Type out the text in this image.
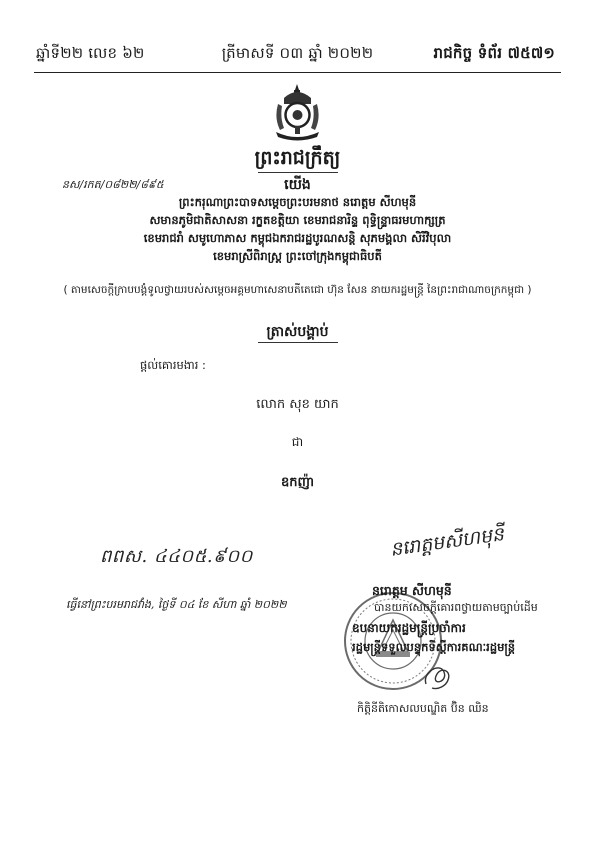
ឆ្នាំទី២២ លេខ ៦២	ត្រីមាសទី ០៣ ឆ្នាំ ២០២២	រាជកិច្ច ទំព័រ ៧៥៧១
ព្រះរាជក្រឹត្យ
នស/រកត/០៨២២/៨៩៥	យើង
ព្រះករុណាព្រះបាទសម្ដេចព្រះបរមនាថ នរោត្តម សីហមុនី
សមានភូមិជាតិសាសនា រក្ខតខត្តិយា ខេមរាជនារិន្ទ ពុទ្ធិន្ទ្រាធរមហាក្សត្រ
ខេមរាជរាំ សមូហោភាស កម្ពុជឯករាជរដ្ឋបូរណសន្តិ សុភមង្គលា សិរីវិបុលា
ខេមរាស្រីពិរាស្ត្រ ព្រះចៅក្រុងកម្ពុជាធិបតី
( តាមសេចក្ដីក្រាបបង្គំទូលថ្វាយរបស់សម្ដេចអគ្គមហាសេនាបតីតេជោ ហ៊ុន សែន នាយករដ្ឋមន្ត្រី នៃព្រះរាជាណាចក្រកម្ពុជា )
ត្រាស់បង្គាប់
ផ្ដល់គោរមងារ :
លោក សុខ យាក
ជា
ឧកញ៉ា
ពពស. ៤៤០៥.៩០០	នរោត្តមសីហមុនី
នរោត្តម សីហមុនី
ធ្វើនៅព្រះបរមរាជវាំង, ថ្ងៃទី ០៤ ខែ សីហា ឆ្នាំ ២០២២	បានយកសេចក្ដីគោរពថ្វាយតាមច្បាប់ដើម
ឧបនាយករដ្ឋមន្ត្រីប្រចាំការ
រដ្ឋមន្ត្រីទទួលបន្ទុកទីស្តីការគណៈរដ្ឋមន្ត្រី
កិត្តិនីតិកោសលបណ្ឌិត ប៊ិន ឈិន
